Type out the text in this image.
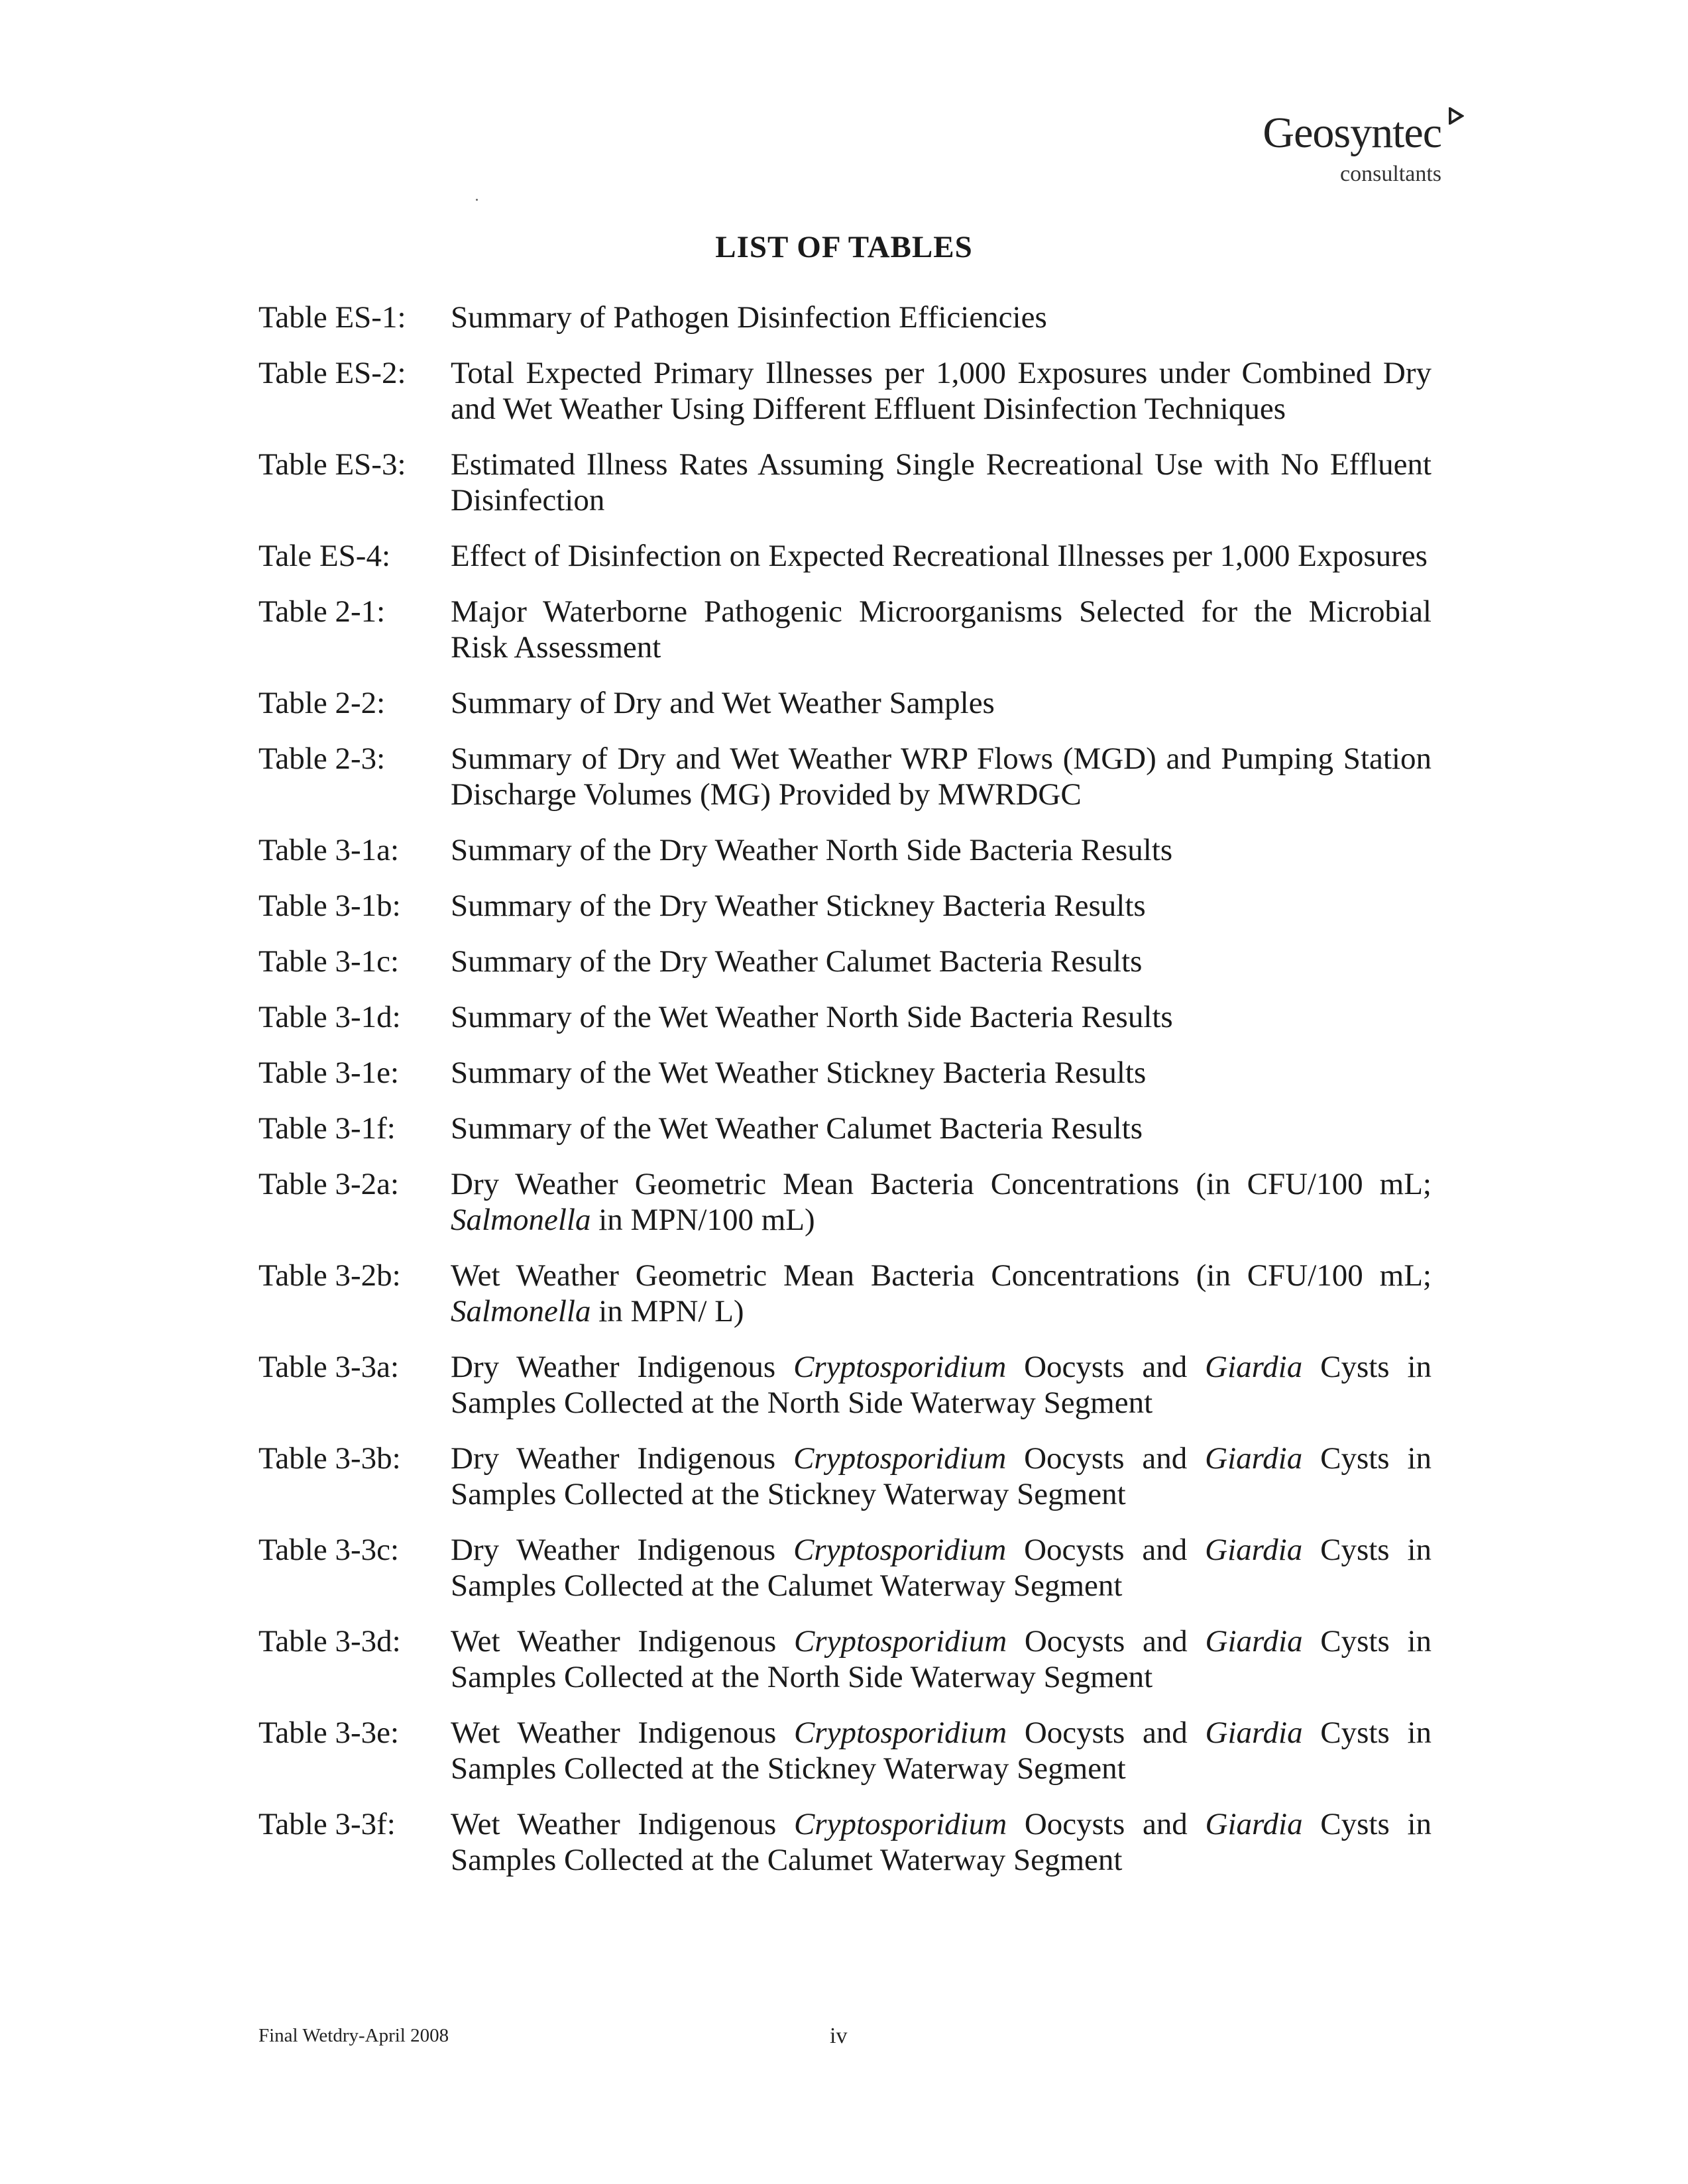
Geosyntec
consultants
LIST OF TABLES
Table ES-1:	Summary of Pathogen Disinfection Efficiencies
Table ES-2:	Total Expected Primary Illnesses per 1,000 Exposures under Combined Dry and Wet Weather Using Different Effluent Disinfection Techniques
Table ES-3:	Estimated Illness Rates Assuming Single Recreational Use with No Effluent Disinfection
Tale ES-4:	Effect of Disinfection on Expected Recreational Illnesses per 1,000 Exposures
Table 2-1:	Major Waterborne Pathogenic Microorganisms Selected for the Microbial Risk Assessment
Table 2-2:	Summary of Dry and Wet Weather Samples
Table 2-3:	Summary of Dry and Wet Weather WRP Flows (MGD) and Pumping Station Discharge Volumes (MG) Provided by MWRDGC
Table 3-1a:	Summary of the Dry Weather North Side Bacteria Results
Table 3-1b:	Summary of the Dry Weather Stickney Bacteria Results
Table 3-1c:	Summary of the Dry Weather Calumet Bacteria Results
Table 3-1d:	Summary of the Wet Weather North Side Bacteria Results
Table 3-1e:	Summary of the Wet Weather Stickney Bacteria Results
Table 3-1f:	Summary of the Wet Weather Calumet Bacteria Results
Table 3-2a:	Dry Weather Geometric Mean Bacteria Concentrations (in CFU/100 mL; Salmonella in MPN/100 mL)
Table 3-2b:	Wet Weather Geometric Mean Bacteria Concentrations (in CFU/100 mL; Salmonella in MPN/ L)
Table 3-3a:	Dry Weather Indigenous Cryptosporidium Oocysts and Giardia Cysts in Samples Collected at the North Side Waterway Segment
Table 3-3b:	Dry Weather Indigenous Cryptosporidium Oocysts and Giardia Cysts in Samples Collected at the Stickney Waterway Segment
Table 3-3c:	Dry Weather Indigenous Cryptosporidium Oocysts and Giardia Cysts in Samples Collected at the Calumet Waterway Segment
Table 3-3d:	Wet Weather Indigenous Cryptosporidium Oocysts and Giardia Cysts in Samples Collected at the North Side Waterway Segment
Table 3-3e:	Wet Weather Indigenous Cryptosporidium Oocysts and Giardia Cysts in Samples Collected at the Stickney Waterway Segment
Table 3-3f:	Wet Weather Indigenous Cryptosporidium Oocysts and Giardia Cysts in Samples Collected at the Calumet Waterway Segment
Final Wetdry-April 2008	iv
